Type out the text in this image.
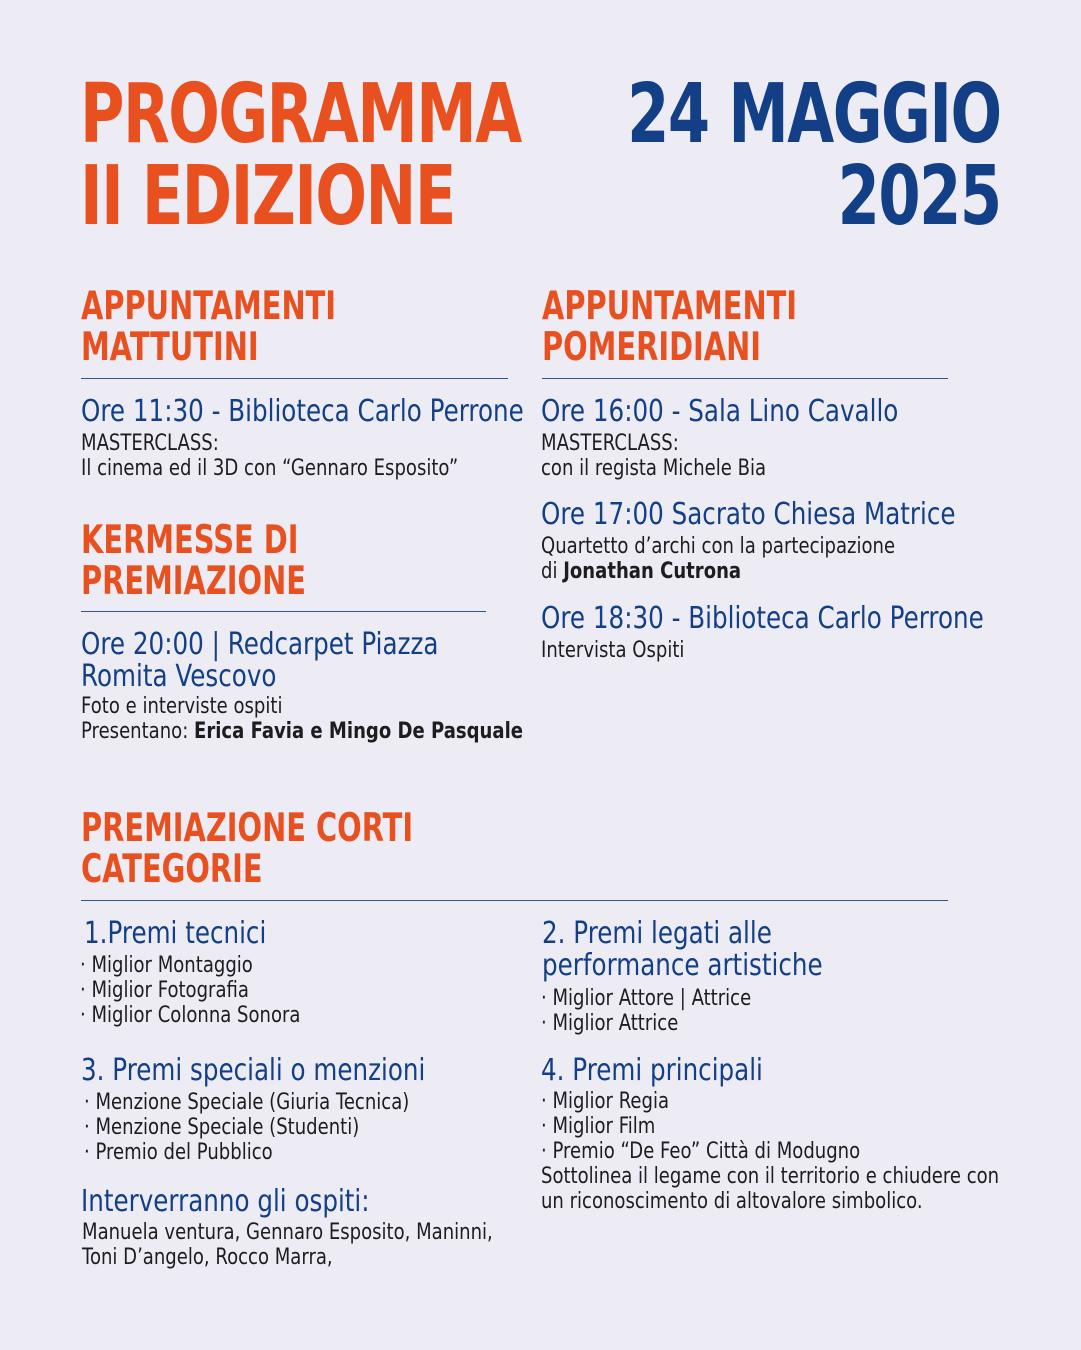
PROGRAMMA
II EDIZIONE
24 MAGGIO
2025
APPUNTAMENTI
MATTUTINI
Ore 11:30 - Biblioteca Carlo Perrone
MASTERCLASS:
Il cinema ed il 3D con “Gennaro Esposito”
KERMESSE DI
PREMIAZIONE
Ore 20:00 | Redcarpet Piazza
Romita Vescovo
Foto e interviste ospiti
Presentano: Erica Favia e Mingo De Pasquale
APPUNTAMENTI
POMERIDIANI
Ore 16:00 - Sala Lino Cavallo
MASTERCLASS:
con il regista Michele Bia
Ore 17:00 Sacrato Chiesa Matrice
Quartetto d’archi con la partecipazione
di Jonathan Cutrona
Ore 18:30 - Biblioteca Carlo Perrone
Intervista Ospiti
PREMIAZIONE CORTI
CATEGORIE
1.Premi tecnici
· Miglior Montaggio
· Miglior Fotografia
· Miglior Colonna Sonora
2. Premi legati alle
performance artistiche
· Miglior Attore | Attrice
· Miglior Attrice
3. Premi speciali o menzioni
· Menzione Speciale (Giuria Tecnica)
· Menzione Speciale (Studenti)
· Premio del Pubblico
4. Premi principali
· Miglior Regia
· Miglior Film
· Premio “De Feo” Città di Modugno
Sottolinea il legame con il territorio e chiudere con
un riconoscimento di altovalore simbolico.
Interverranno gli ospiti:
Manuela ventura, Gennaro Esposito, Maninni,
Toni D’angelo, Rocco Marra,
